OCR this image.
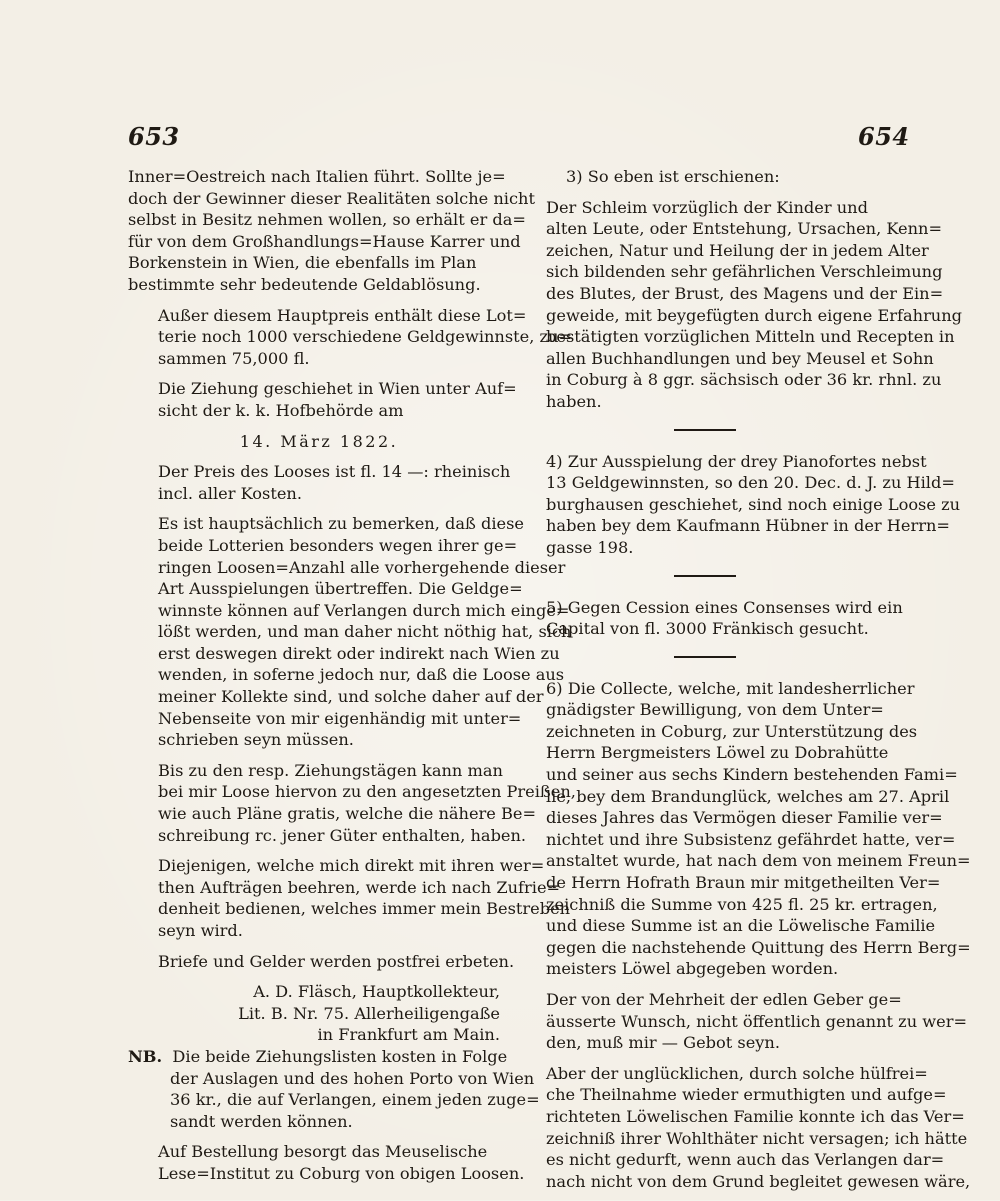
653	654
Inner=Oestreich nach Italien führt. Sollte je=
doch der Gewinner dieser Realitäten solche nicht
selbst in Besitz nehmen wollen, so erhält er da=
für von dem Großhandlungs=Hause Karrer und
Borkenstein in Wien, die ebenfalls im Plan
bestimmte sehr bedeutende Geldablösung.
Außer diesem Hauptpreis enthält diese Lot=
terie noch 1000 verschiedene Geldgewinnste, zu=
sammen 75,000 fl.
Die Ziehung geschiehet in Wien unter Auf=
sicht der k. k. Hofbehörde am
14. März 1822.
Der Preis des Looses ist fl. 14 —: rheinisch
incl. aller Kosten.
Es ist hauptsächlich zu bemerken, daß diese
beide Lotterien besonders wegen ihrer ge=
ringen Loosen=Anzahl alle vorhergehende dieser
Art Ausspielungen übertreffen. Die Geldge=
winnste können auf Verlangen durch mich einge=
lößt werden, und man daher nicht nöthig hat, sich
erst deswegen direkt oder indirekt nach Wien zu
wenden, in soferne jedoch nur, daß die Loose aus
meiner Kollekte sind, und solche daher auf der
Nebenseite von mir eigenhändig mit unter=
schrieben seyn müssen.
Bis zu den resp. Ziehungstägen kann man
bei mir Loose hiervon zu den angesetzten Preißen,
wie auch Pläne gratis, welche die nähere Be=
schreibung rc. jener Güter enthalten, haben.
Diejenigen, welche mich direkt mit ihren wer=
then Aufträgen beehren, werde ich nach Zufrie=
denheit bedienen, welches immer mein Bestreben
seyn wird.
Briefe und Gelder werden postfrei erbeten.
A. D. Fläsch, Hauptkollekteur,
Lit. B. Nr. 75. Allerheiligengaße
in Frankfurt am Main.
NB. Die beide Ziehungslisten kosten in Folge
der Auslagen und des hohen Porto von Wien
36 kr., die auf Verlangen, einem jeden zuge=
sandt werden können.
Auf Bestellung besorgt das Meuselische
Lese=Institut zu Coburg von obigen Loosen.
3) So eben ist erschienen:
Der Schleim vorzüglich der Kinder und
alten Leute, oder Entstehung, Ursachen, Kenn=
zeichen, Natur und Heilung der in jedem Alter
sich bildenden sehr gefährlichen Verschleimung
des Blutes, der Brust, des Magens und der Ein=
geweide, mit beygefügten durch eigene Erfahrung
bestätigten vorzüglichen Mitteln und Recepten in
allen Buchhandlungen und bey Meusel et Sohn
in Coburg à 8 ggr. sächsisch oder 36 kr. rhnl. zu
haben.
4) Zur Ausspielung der drey Pianofortes nebst
13 Geldgewinnsten, so den 20. Dec. d. J. zu Hild=
burghausen geschiehet, sind noch einige Loose zu
haben bey dem Kaufmann Hübner in der Herrn=
gasse 198.
5) Gegen Cession eines Consenses wird ein
Capital von fl. 3000 Fränkisch gesucht.
6) Die Collecte, welche, mit landesherrlicher
gnädigster Bewilligung, von dem Unter=
zeichneten in Coburg, zur Unterstützung des
Herrn Bergmeisters Löwel zu Dobrahütte
und seiner aus sechs Kindern bestehenden Fami=
lie, bey dem Brandunglück, welches am 27. April
dieses Jahres das Vermögen dieser Familie ver=
nichtet und ihre Subsistenz gefährdet hatte, ver=
anstaltet wurde, hat nach dem von meinem Freun=
de Herrn Hofrath Braun mir mitgetheilten Ver=
zeichniß die Summe von 425 fl. 25 kr. ertragen,
und diese Summe ist an die Löwelische Familie
gegen die nachstehende Quittung des Herrn Berg=
meisters Löwel abgegeben worden.
Der von der Mehrheit der edlen Geber ge=
äusserte Wunsch, nicht öffentlich genannt zu wer=
den, muß mir — Gebot seyn.
Aber der unglücklichen, durch solche hülfrei=
che Theilnahme wieder ermuthigten und aufge=
richteten Löwelischen Familie konnte ich das Ver=
zeichniß ihrer Wohlthäter nicht versagen; ich hätte
es nicht gedurft, wenn auch das Verlangen dar=
nach nicht von dem Grund begleitet gewesen wäre,
